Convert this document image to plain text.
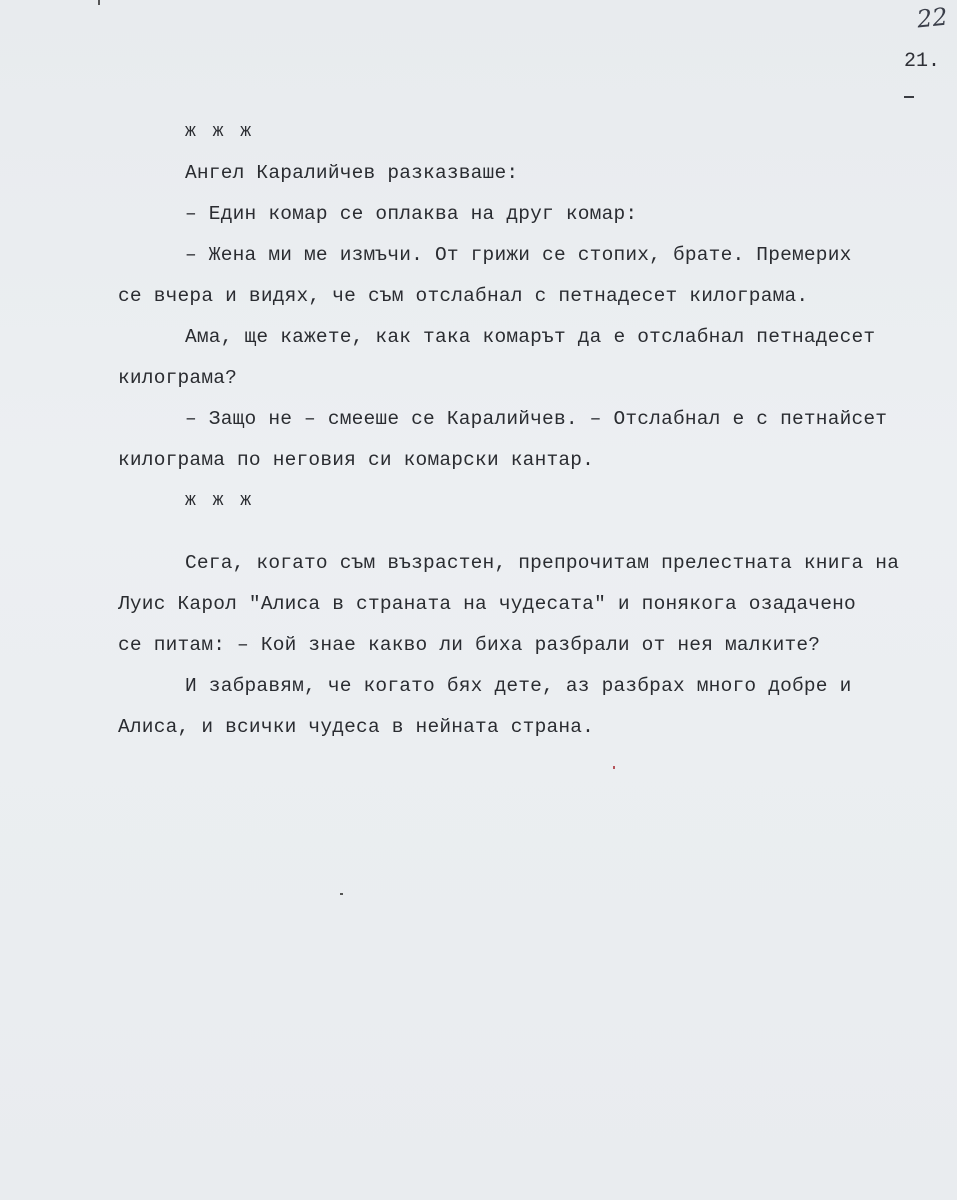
22
21.
ж ж ж
Ангел Каралийчев разказваше:
– Един комар се оплаква на друг комар:
– Жена ми ме измъчи. От грижи се стопих, брате. Премерих
се вчера и видях, че съм отслабнал с петнадесет килограма.
Ама, ще кажете, как така комарът да е отслабнал петнадесет
килограма?
– Защо не – смееше се Каралийчев. – Отслабнал е с петнайсет
килограма по неговия си комарски кантар.
ж ж ж
Сега, когато съм възрастен, препрочитам прелестната книга на
Луис Карол "Алиса в страната на чудесата" и понякога озадачено
се питам: – Кой знае какво ли биха разбрали от нея малките?
И забравям, че когато бях дете, аз разбрах много добре и
Алиса, и всички чудеса в нейната страна.
